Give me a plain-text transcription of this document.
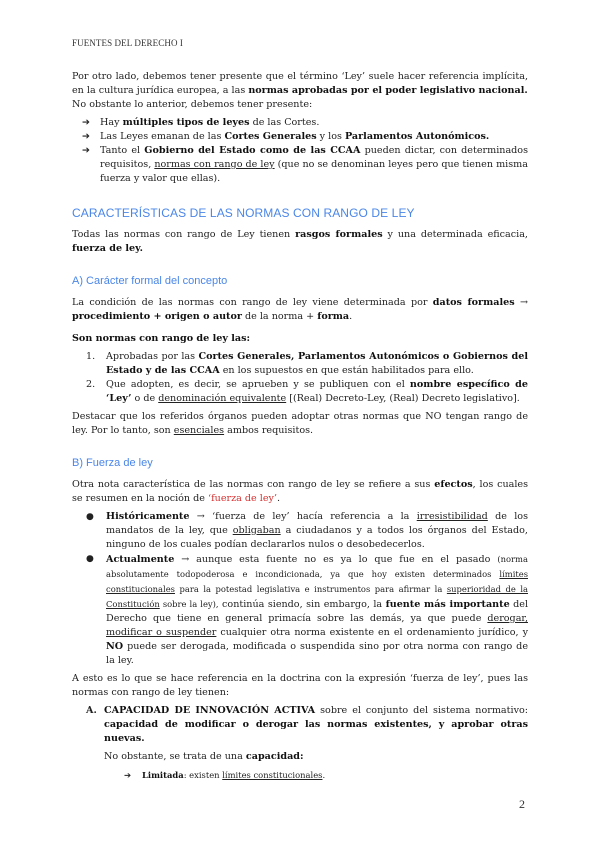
FUENTES DEL DERECHO I

Por otro lado, debemos tener presente que el término ‘Ley’ suele hacer referencia implícita, en la cultura jurídica europea, a las normas aprobadas por el poder legislativo nacional.

No obstante lo anterior, debemos tener presente:

➔ Hay múltiples tipos de leyes de las Cortes.
➔ Las Leyes emanan de las Cortes Generales y los Parlamentos Autonómicos.
➔ Tanto el Gobierno del Estado como de las CCAA pueden dictar, con determinados requisitos, normas con rango de ley (que no se denominan leyes pero que tienen misma fuerza y valor que ellas).
CARACTERÍSTICAS DE LAS NORMAS CON RANGO DE LEY

Todas las normas con rango de Ley tienen rasgos formales y una determinada eficacia, fuerza de ley.

A) Carácter formal del concepto

La condición de las normas con rango de ley viene determinada por datos formales → procedimiento + origen o autor de la norma + forma.

Son normas con rango de ley las:

1. Aprobadas por las Cortes Generales, Parlamentos Autonómicos o Gobiernos del Estado y de las CCAA en los supuestos en que están habilitados para ello.
2. Que adopten, es decir, se aprueben y se publiquen con el nombre específico de ‘Ley’ o de denominación equivalente [(Real) Decreto-Ley, (Real) Decreto legislativo].

Destacar que los referidos órganos pueden adoptar otras normas que NO tengan rango de ley. Por lo tanto, son esenciales ambos requisitos.

B) Fuerza de ley

Otra nota característica de las normas con rango de ley se refiere a sus efectos, los cuales se resumen en la noción de ‘fuerza de ley’.

● Históricamente → ‘fuerza de ley’ hacía referencia a la irresistibilidad de los mandatos de la ley, que obligaban a ciudadanos y a todos los órganos del Estado, ninguno de los cuales podían declararlos nulos o desobedecerlos.
● Actualmente → aunque esta fuente no es ya lo que fue en el pasado (norma absolutamente todopoderosa e incondicionada, ya que hoy existen determinados límites constitucionales para la potestad legislativa e instrumentos para afirmar la superioridad de la Constitución sobre la ley), continúa siendo, sin embargo, la fuente más importante del Derecho que tiene en general primacía sobre las demás, ya que puede derogar, modificar o suspender cualquier otra norma existente en el ordenamiento jurídico, y NO puede ser derogada, modificada o suspendida sino por otra norma con rango de la ley.

A esto es lo que se hace referencia en la doctrina con la expresión ‘fuerza de ley’, pues las normas con rango de ley tienen:

A. CAPACIDAD DE INNOVACIÓN ACTIVA sobre el conjunto del sistema normativo: capacidad de modificar o derogar las normas existentes, y aprobar otras nuevas.

No obstante, se trata de una capacidad:

➔ Limitada: existen límites constitucionales.
2
